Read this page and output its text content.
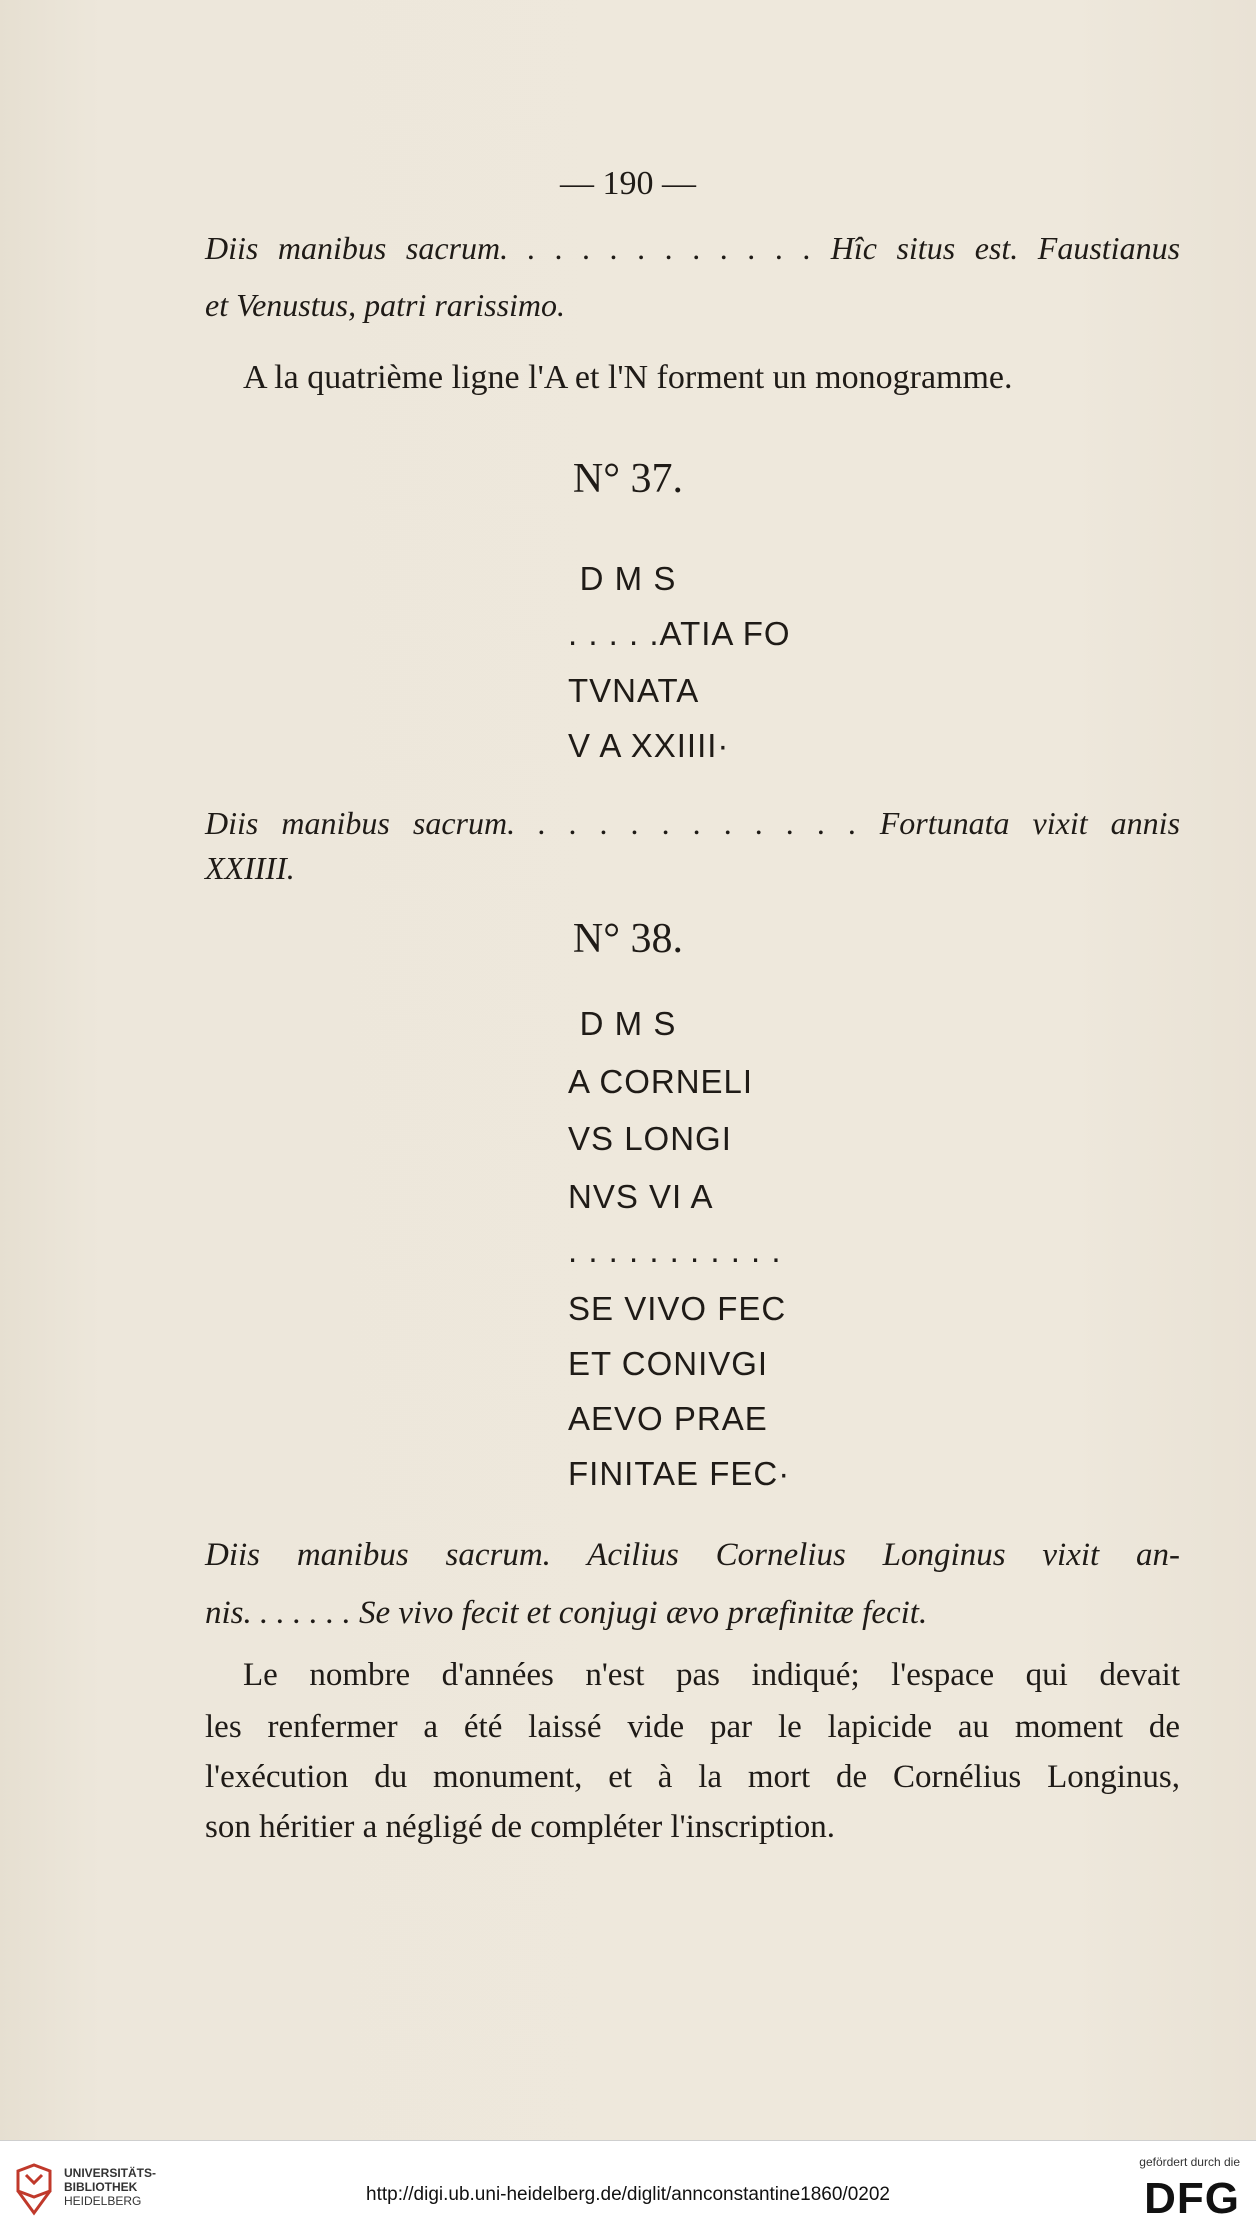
— 190 —
Diis manibus sacrum. . . . . . . . . . . . Hîc situs est. Faustianus
et Venustus, patri rarissimo.
A la quatrième ligne l'A et l'N forment un monogramme.
N° 37.
D M S
. . . . .ATIA FO
TVNATA
V A XXIIII·
Diis manibus sacrum. . . . . . . . . . . . Fortunata vixit annis
XXIIII.
N° 38.
D M S
A CORNELI
VS LONGI
NVS VI A
. . . . . . . . . . .
SE VIVO FEC
ET CONIVGI
AEVO PRAE
FINITAE FEC·
Diis manibus sacrum. Acilius Cornelius Longinus vixit an-
nis. . . . . . . Se vivo fecit et conjugi ævo præfinitæ fecit.
Le nombre d'années n'est pas indiqué; l'espace qui devait
les renfermer a été laissé vide par le lapicide au moment de
l'exécution du monument, et à la mort de Cornélius Longinus,
son héritier a négligé de compléter l'inscription.
UNIVERSITÄTS-
BIBLIOTHEK
HEIDELBERG	http://digi.ub.uni-heidelberg.de/diglit/annconstantine1860/0202
gefördert durch die
DFG
